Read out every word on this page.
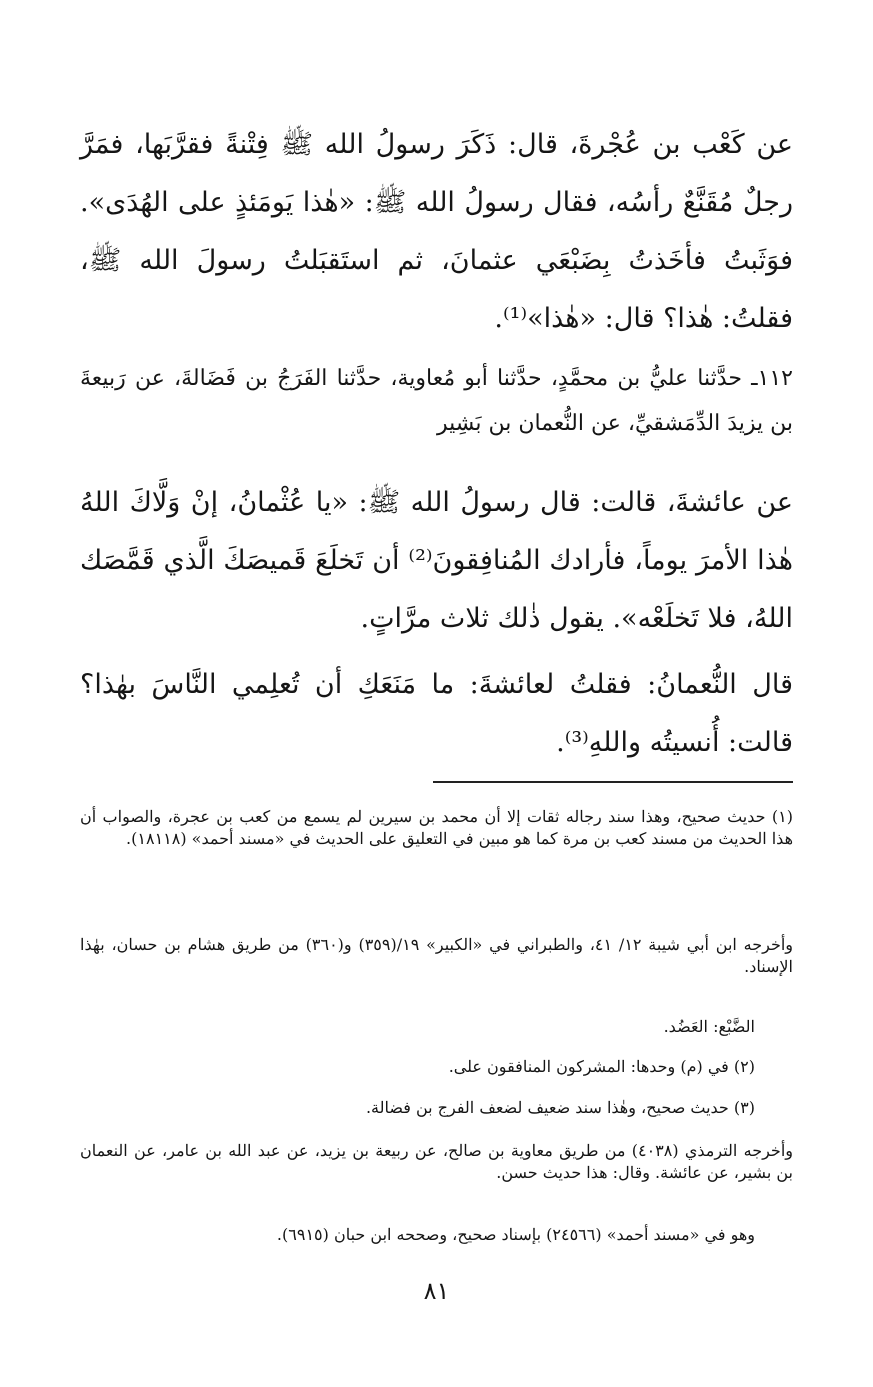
عن كَعْب بن عُجْرةَ، قال: ذَكَرَ رسولُ الله ﷺ فِتْنةً فقرَّبَها، فمَرَّ رجلٌ مُقَنَّعٌ رأسُه، فقال رسولُ الله ﷺ: «هٰذا يَومَئذٍ على الهُدَى». فوَثَبتُ فأخَذتُ بِضَبْعَي عثمانَ، ثم استَقبَلتُ رسولَ الله ﷺ، فقلتُ: هٰذا؟ قال: «هٰذا»⁽¹⁾.

١١٢ـ حدَّثنا عليُّ بن محمَّدٍ، حدَّثنا أبو مُعاوية، حدَّثنا الفَرَجُ بن فَضَالةَ، عن رَبيعةَ بن يزيدَ الدِّمَشقيِّ، عن النُّعمان بن بَشِير

عن عائشةَ، قالت: قال رسولُ الله ﷺ: «يا عُثْمانُ، إنْ وَلَّاكَ اللهُ هٰذا الأمرَ يوماً، فأرادك المُنافِقونَ⁽²⁾ أن تَخلَعَ قَميصَكَ الَّذي قَمَّصَك اللهُ، فلا تَخلَعْه». يقول ذٰلك ثلاث مرَّاتٍ.

قال النُّعمانُ: فقلتُ لعائشةَ: ما مَنَعَكِ أن تُعلِمي النَّاسَ بهٰذا؟ قالت: أُنسيتُه واللهِ⁽³⁾.

(١) حديث صحيح، وهذا سند رجاله ثقات إلا أن محمد بن سيرين لم يسمع من كعب بن عجرة، والصواب أن هذا الحديث من مسند كعب بن مرة كما هو مبين في التعليق على الحديث في «مسند أحمد» (١٨١١٨).

وأخرجه ابن أبي شيبة ١٢/ ٤١، والطبراني في «الكبير» ١٩/(٣٥٩) و(٣٦٠) من طريق هشام بن حسان، بهٰذا الإسناد.

الضَّبْع: العَضُد.

(٢) في (م) وحدها: المشركون المنافقون على.

(٣) حديث صحيح، وهٰذا سند ضعيف لضعف الفرج بن فضالة.

وأخرجه الترمذي (٤٠٣٨) من طريق معاوية بن صالح، عن ربيعة بن يزيد، عن عبد الله بن عامر، عن النعمان بن بشير، عن عائشة. وقال: هذا حديث حسن.

وهو في «مسند أحمد» (٢٤٥٦٦) بإسناد صحيح، وصححه ابن حبان (٦٩١٥).

٨١
